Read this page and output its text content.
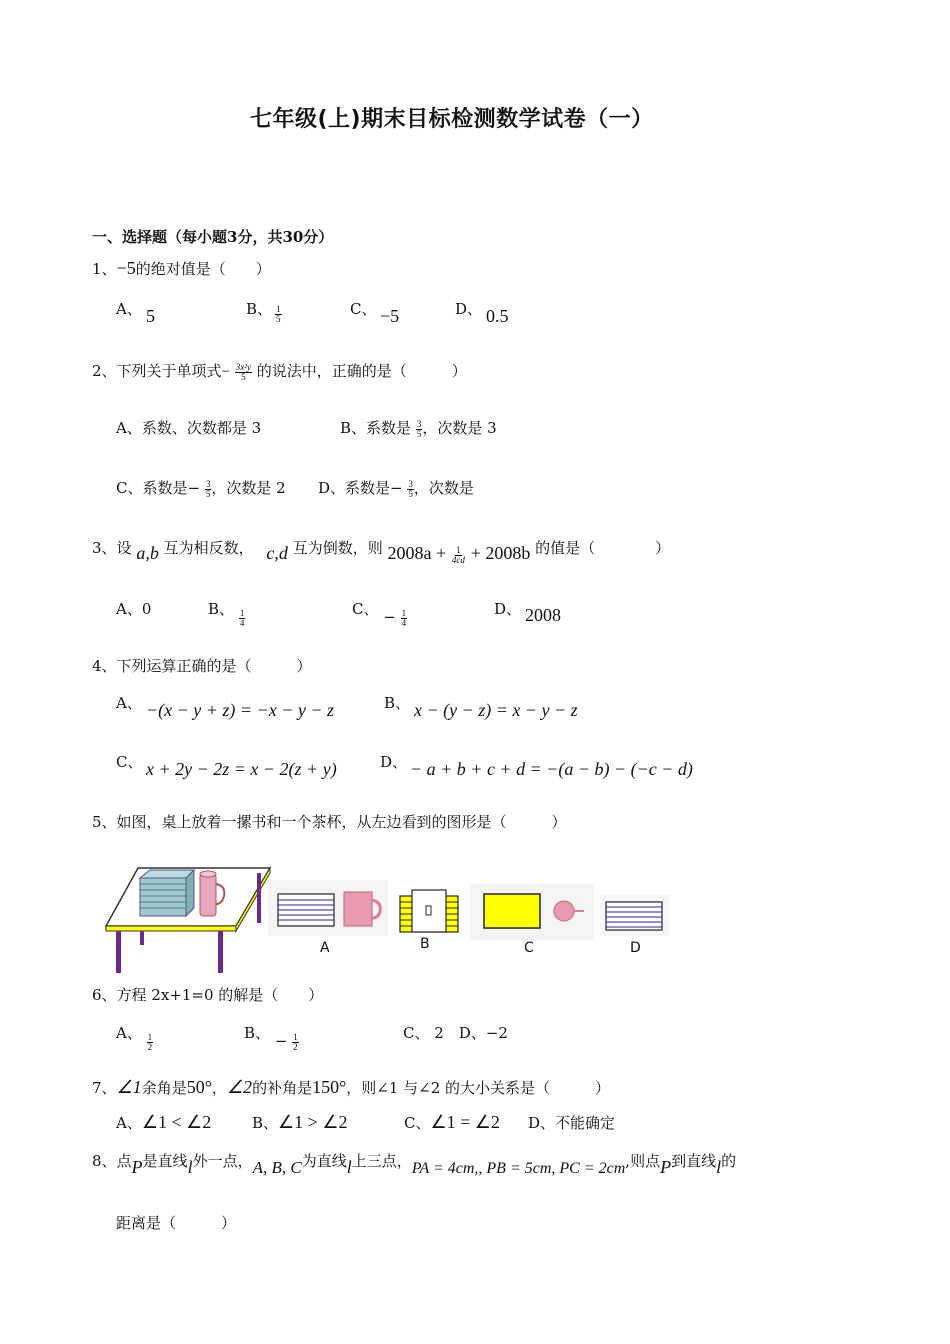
七年级(上)期末目标检测数学试卷（一）
一、选择题（每小题3分，共30分）
1、−5的绝对值是（　　）
A、 5	B、 $\frac{1}{5}$	C、 −5	D、 0.5
2、下列关于单项式− $\frac{\text{3x²y}}{5}$ 的说法中，正确的是（　　　）
A、系数、次数都是 3	B、系数是 $\frac{3}{5}$ ，次数是 3
C、系数是− $\frac{3}{5}$ ，次数是 2 D、系数是− $\frac{3}{5}$ ，次数是
3、设 a,b 互为相反数， c,d 互为倒数，则 $2008a + \frac{1}{4cd} + 2008b$ 的值是（　　　　）
A、0	B、 $\frac{1}{4}$	C、 − $\frac{1}{4}$	D、 2008
4、下列运算正确的是（　　　）
A、 −(x − y + z) = −x − y − z	B、 x − (y − z) = x − y − z
C、 x + 2y − 2z = x − 2(z + y)	D、 − a + b + c + d = −(a − b) − (−c − d)
5、如图，桌上放着一摞书和一个茶杯，从左边看到的图形是（　　　）
A	B	C	D
6、方程 2x+1=0 的解是（　　）
A、 $\frac{1}{2}$	B、 − $\frac{1}{2}$	C、 2　D、−2
7、∠1余角是50°，∠2的补角是150°，则∠1 与∠2 的大小关系是（　　　）
A、∠1 < ∠2	B、∠1 > ∠2	C、∠1 = ∠2 D、不能确定
8、点P是直线l外一点，A, B, C为直线l上三点，PA = 4cm,, PB = 5cm, PC = 2cm,则点P到直线l的
距离是（　　　）
